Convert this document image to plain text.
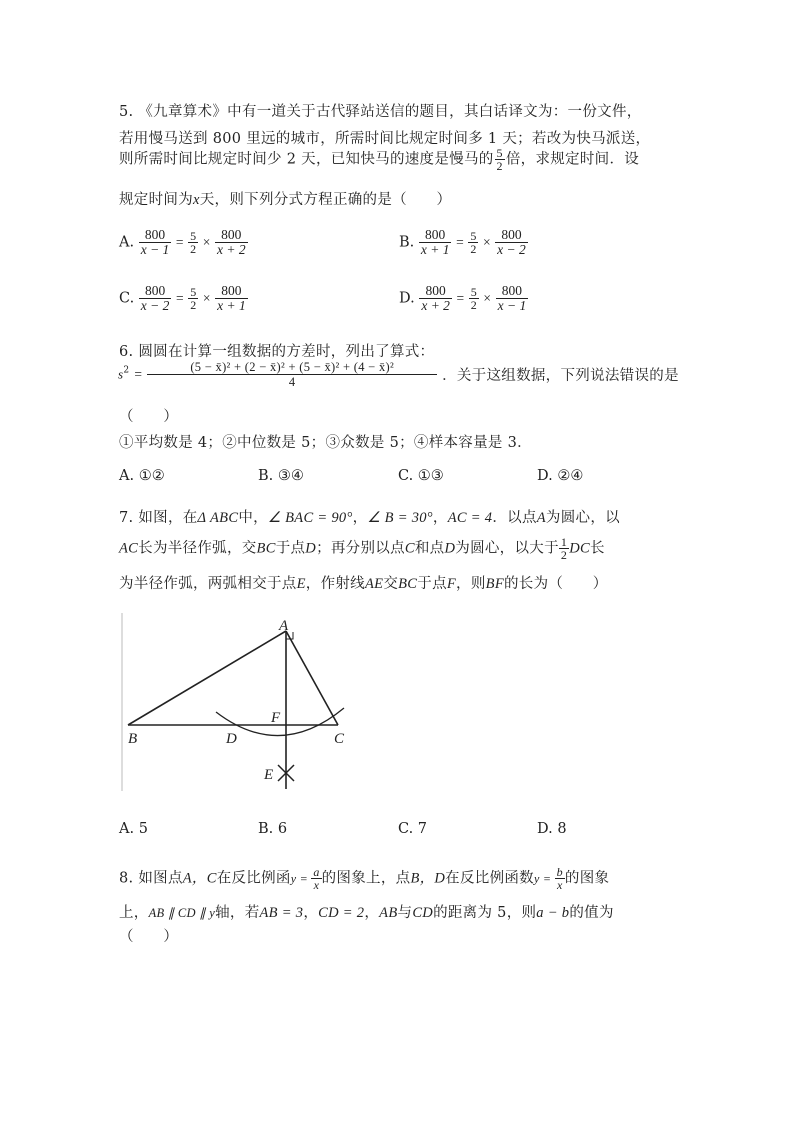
5. 《九章算术》中有一道关于古代驿站送信的题目，其白话译文为：一份文件，
若用慢马送到 800 里远的城市，所需时间比规定时间多 1 天；若改为快马派送，
则所需时间比规定时间少 2 天，已知快马的速度是慢马的 $\frac{5}{2}$ 倍，求规定时间．设
规定时间为x天，则下列分式方程正确的是（　　）
A. $\frac{800}{x - 1} = \frac{5}{2} \times \frac{800}{x + 2}$	B. $\frac{800}{x + 1} = \frac{5}{2} \times \frac{800}{x - 2}$
C. $\frac{800}{x - 2} = \frac{5}{2} \times \frac{800}{x + 1}$	D. $\frac{800}{x + 2} = \frac{5}{2} \times \frac{800}{x - 1}$
6. 圆圆在计算一组数据的方差时，列出了算式：
$s^2 = \frac{\text{(5 − x̄)² + (2 − x̄)² + (5 − x̄)² + (4 − x̄)²}}{4}$ ．关于这组数据，下列说法错误的是
（　　）
①平均数是 4；②中位数是 5；③众数是 5；④样本容量是 3．
A. ①②	B. ③④	C. ①③	D. ②④
7. 如图，在Δ ABC中，∠ BAC = 90°，∠ B = 30°，AC = 4．以点A为圆心，以
AC长为半径作弧，交BC于点D；再分别以点C和点D为圆心，以大于 $\frac{1}{2}$ DC长
为半径作弧，两弧相交于点E，作射线AE交BC于点F，则BF的长为（　　）
A
B	C
D
E
F
A. 5	B. 6	C. 7	D. 8
8. 如图点A，C在反比例函$y = \frac{a}{x}$ 的图象上，点B，D在反比例函数$y = \frac{b}{x}$ 的图象
上，AB ∥ CD ∥ y轴，若AB = 3，CD = 2，AB与CD的距离为 5，则a − b的值为
（　　）
